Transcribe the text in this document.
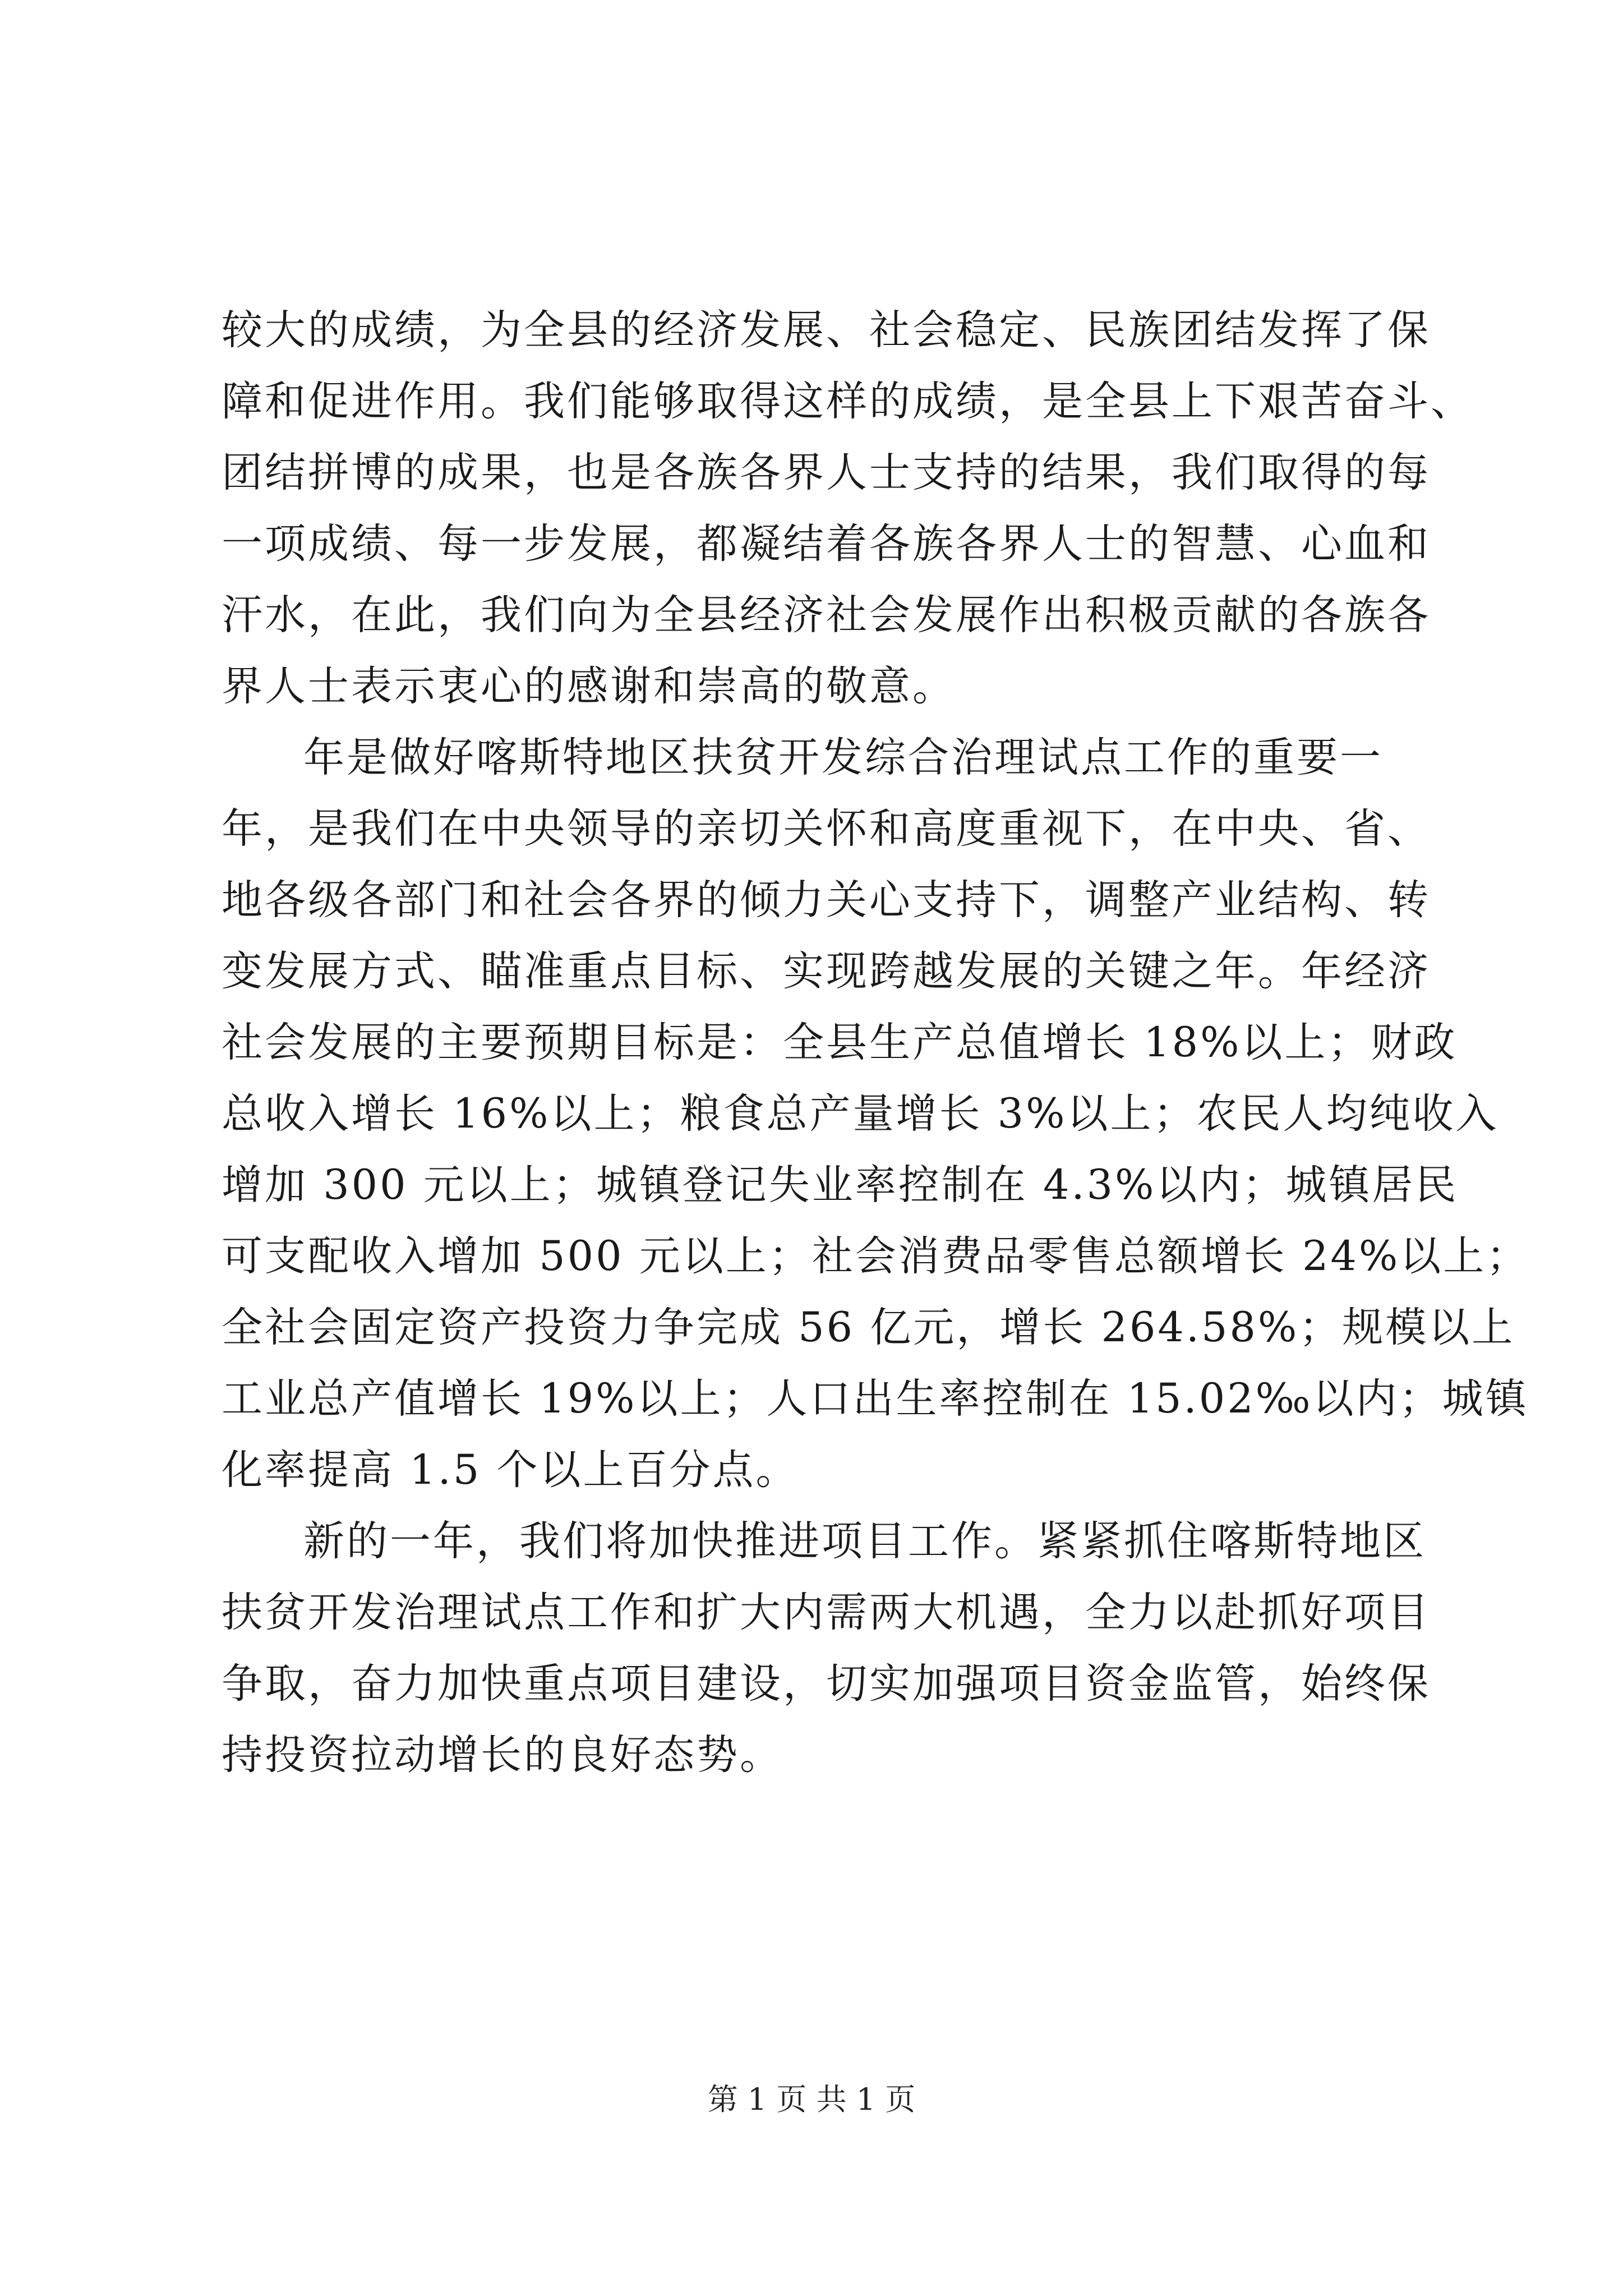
较大的成绩，为全县的经济发展、社会稳定、民族团结发挥了保
障和促进作用。我们能够取得这样的成绩，是全县上下艰苦奋斗、
团结拼博的成果，也是各族各界人士支持的结果，我们取得的每
一项成绩、每一步发展，都凝结着各族各界人士的智慧、心血和
汗水，在此，我们向为全县经济社会发展作出积极贡献的各族各
界人士表示衷心的感谢和崇高的敬意。
年是做好喀斯特地区扶贫开发综合治理试点工作的重要一
年，是我们在中央领导的亲切关怀和高度重视下，在中央、省、
地各级各部门和社会各界的倾力关心支持下，调整产业结构、转
变发展方式、瞄准重点目标、实现跨越发展的关键之年。年经济
社会发展的主要预期目标是：全县生产总值增长 18%以上；财政
总收入增长 16%以上；粮食总产量增长 3%以上；农民人均纯收入
增加 300 元以上；城镇登记失业率控制在 4.3%以内；城镇居民
可支配收入增加 500 元以上；社会消费品零售总额增长 24%以上；
全社会固定资产投资力争完成 56 亿元，增长 264.58%；规模以上
工业总产值增长 19%以上；人口出生率控制在 15.02‰以内；城镇
化率提高 1.5 个以上百分点。
新的一年，我们将加快推进项目工作。紧紧抓住喀斯特地区
扶贫开发治理试点工作和扩大内需两大机遇，全力以赴抓好项目
争取，奋力加快重点项目建设，切实加强项目资金监管，始终保
持投资拉动增长的良好态势。
第 1 页 共 1 页
